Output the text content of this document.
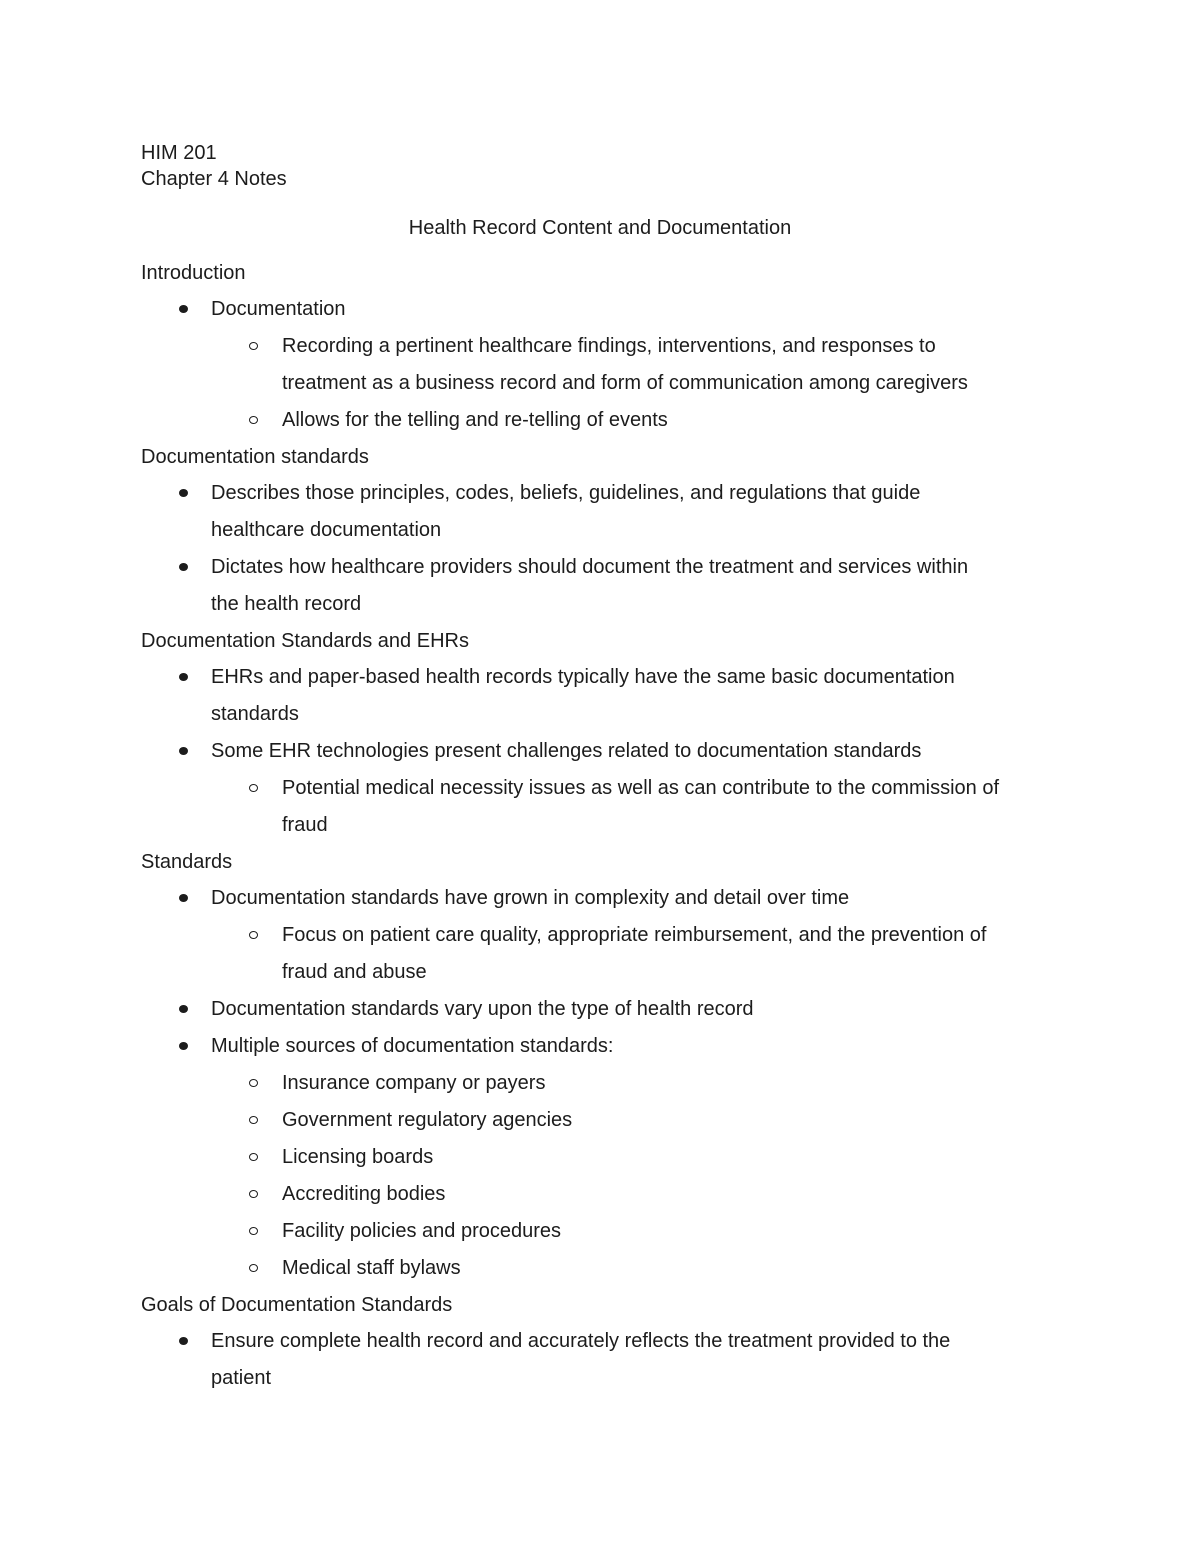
HIM 201
Chapter 4 Notes
Health Record Content and Documentation
Introduction
Documentation
Recording a pertinent healthcare findings, interventions, and responses to
treatment as a business record and form of communication among caregivers
Allows for the telling and re-telling of events
Documentation standards
Describes those principles, codes, beliefs, guidelines, and regulations that guide
healthcare documentation
Dictates how healthcare providers should document the treatment and services within
the health record
Documentation Standards and EHRs
EHRs and paper-based health records typically have the same basic documentation
standards
Some EHR technologies present challenges related to documentation standards
Potential medical necessity issues as well as can contribute to the commission of
fraud
Standards
Documentation standards have grown in complexity and detail over time
Focus on patient care quality, appropriate reimbursement, and the prevention of
fraud and abuse
Documentation standards vary upon the type of health record
Multiple sources of documentation standards:
Insurance company or payers
Government regulatory agencies
Licensing boards
Accrediting bodies
Facility policies and procedures
Medical staff bylaws
Goals of Documentation Standards
Ensure complete health record and accurately reflects the treatment provided to the
patient
